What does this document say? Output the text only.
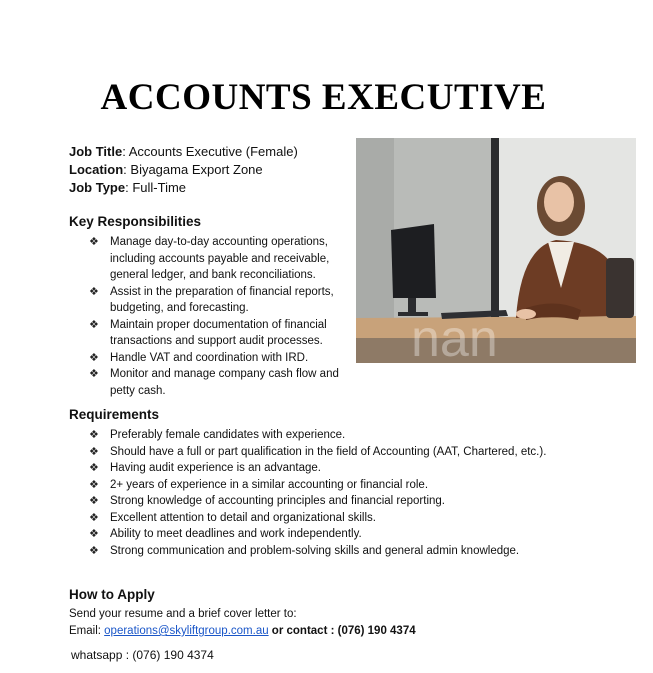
ACCOUNTS EXECUTIVE
Job Title: Accounts Executive (Female)
Location: Biyagama Export Zone
Job Type: Full-Time
nan
Key Responsibilities
❖ Manage day-to-day accounting operations, including accounts payable and receivable, general ledger, and bank reconciliations.
❖ Assist in the preparation of financial reports, budgeting, and forecasting.
❖ Maintain proper documentation of financial transactions and support audit processes.
❖ Handle VAT and coordination with IRD.
❖ Monitor and manage company cash flow and petty cash.
Requirements
❖ Preferably female candidates with experience.
❖ Should have a full or part qualification in the field of Accounting (AAT, Chartered, etc.).
❖ Having audit experience is an advantage.
❖ 2+ years of experience in a similar accounting or financial role.
❖ Strong knowledge of accounting principles and financial reporting.
❖ Excellent attention to detail and organizational skills.
❖ Ability to meet deadlines and work independently.
❖ Strong communication and problem-solving skills and general admin knowledge.
How to Apply
Send your resume and a brief cover letter to:
Email: operations@skyliftgroup.com.au or contact : (076) 190 4374
whatsapp : (076) 190 4374
